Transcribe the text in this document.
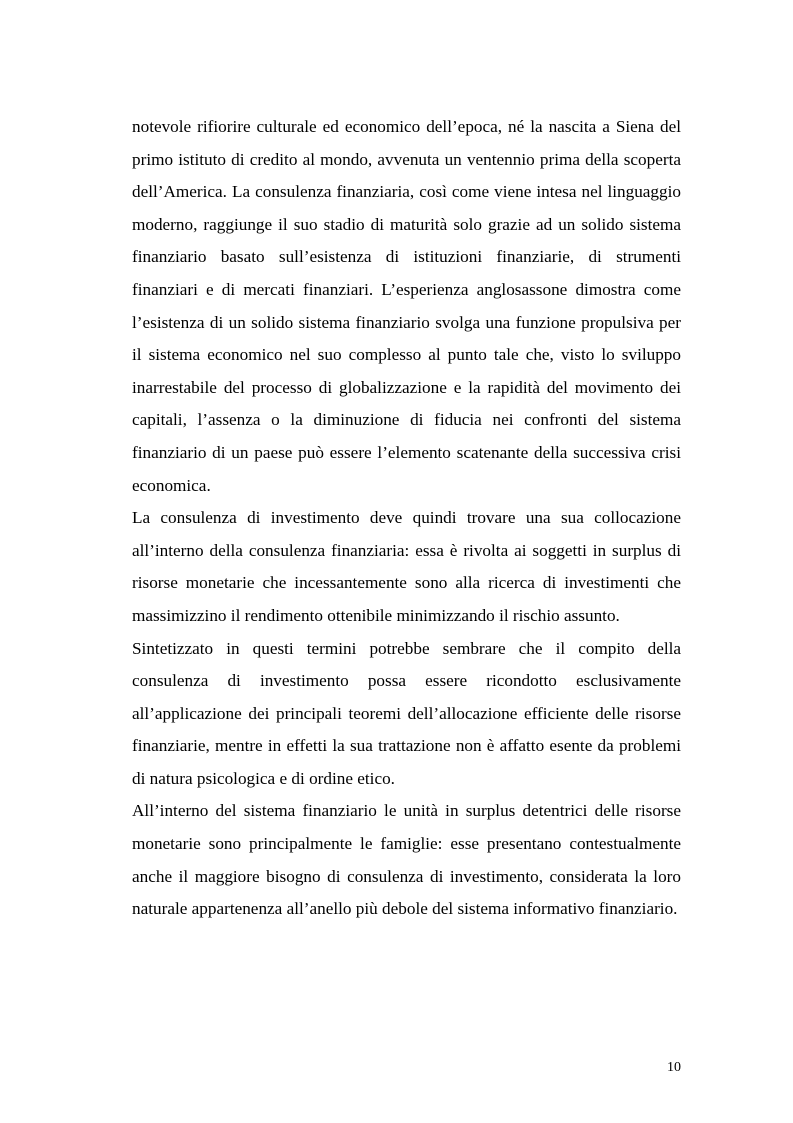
notevole rifiorire culturale ed economico dell’epoca, né la nascita a Siena del primo istituto di credito al mondo, avvenuta un ventennio prima della scoperta dell’America. La consulenza finanziaria, così come viene intesa nel linguaggio moderno, raggiunge il suo stadio di maturità solo grazie ad un solido sistema finanziario basato sull’esistenza di istituzioni finanziarie, di strumenti finanziari e di mercati finanziari. L’esperienza anglosassone dimostra come l’esistenza di un solido sistema finanziario svolga una funzione propulsiva per il sistema economico nel suo complesso al punto tale che, visto lo sviluppo inarrestabile del processo di globalizzazione e la rapidità del movimento dei capitali, l’assenza o la diminuzione di fiducia nei confronti del sistema finanziario di un paese può essere l’elemento scatenante della successiva crisi economica.

La consulenza di investimento deve quindi trovare una sua collocazione all’interno della consulenza finanziaria: essa è rivolta ai soggetti in surplus di risorse monetarie che incessantemente sono alla ricerca di investimenti che massimizzino il rendimento ottenibile minimizzando il rischio assunto.

Sintetizzato in questi termini potrebbe sembrare che il compito della consulenza di investimento possa essere ricondotto esclusivamente all’applicazione dei principali teoremi dell’allocazione efficiente delle risorse finanziarie, mentre in effetti la sua trattazione non è affatto esente da problemi di natura psicologica e di ordine etico.

All’interno del sistema finanziario le unità in surplus detentrici delle risorse monetarie sono principalmente le famiglie: esse presentano contestualmente anche il maggiore bisogno di consulenza di investimento, considerata la loro naturale appartenenza all’anello più debole del sistema informativo finanziario.

10
